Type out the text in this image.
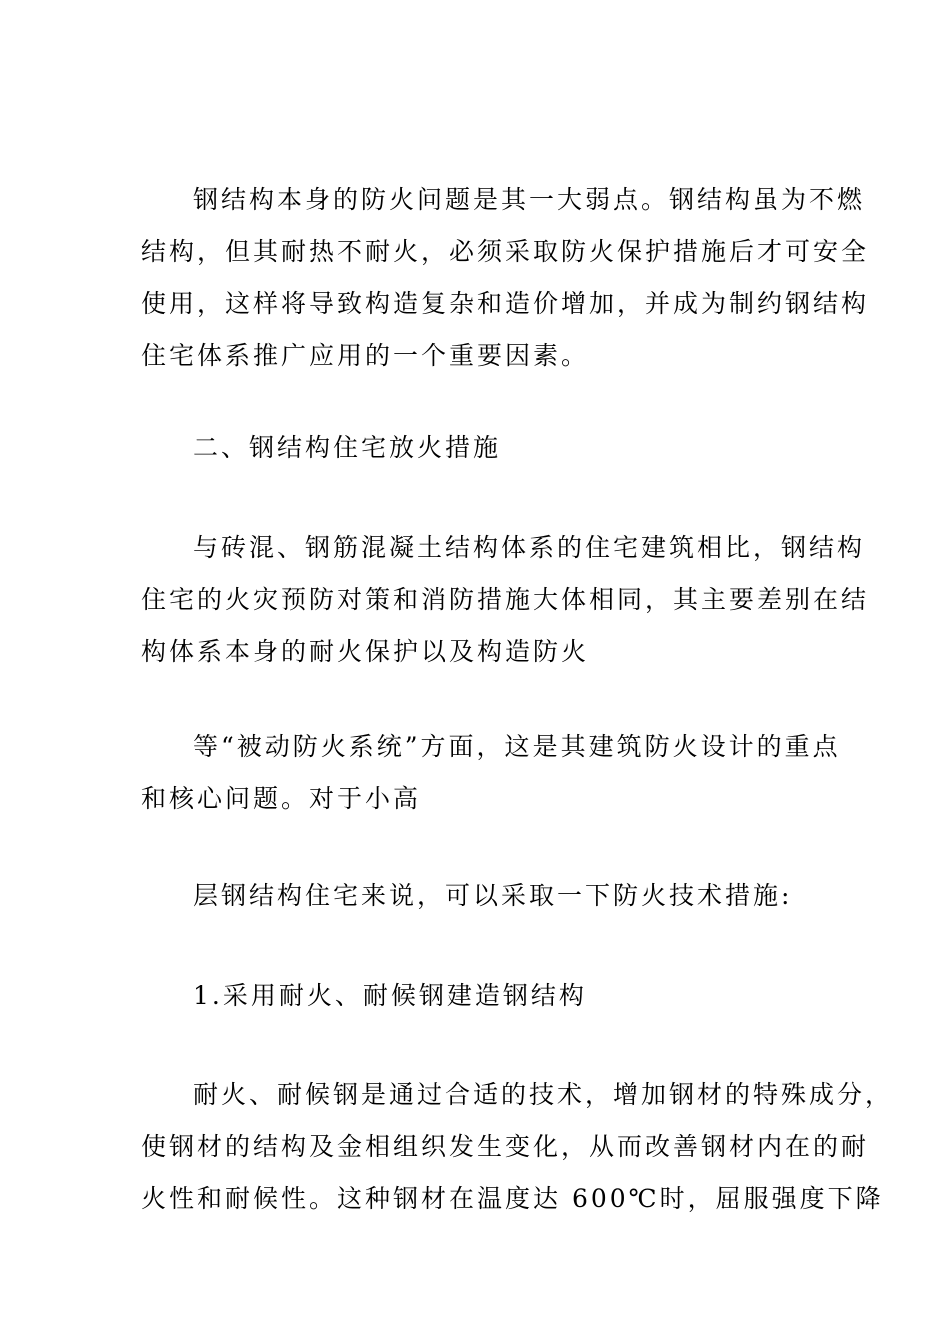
钢结构本身的防火问题是其一大弱点。钢结构虽为不燃
结构，但其耐热不耐火，必须采取防火保护措施后才可安全
使用，这样将导致构造复杂和造价增加，并成为制约钢结构
住宅体系推广应用的一个重要因素。
二、钢结构住宅放火措施
与砖混、钢筋混凝土结构体系的住宅建筑相比，钢结构
住宅的火灾预防对策和消防措施大体相同，其主要差别在结
构体系本身的耐火保护以及构造防火
等“被动防火系统”方面，这是其建筑防火设计的重点
和核心问题。对于小高
层钢结构住宅来说，可以采取一下防火技术措施:
1.采用耐火、耐候钢建造钢结构
耐火、耐候钢是通过合适的技术，增加钢材的特殊成分，
使钢材的结构及金相组织发生变化，从而改善钢材内在的耐
火性和耐候性。这种钢材在温度达 600℃时，屈服强度下降
